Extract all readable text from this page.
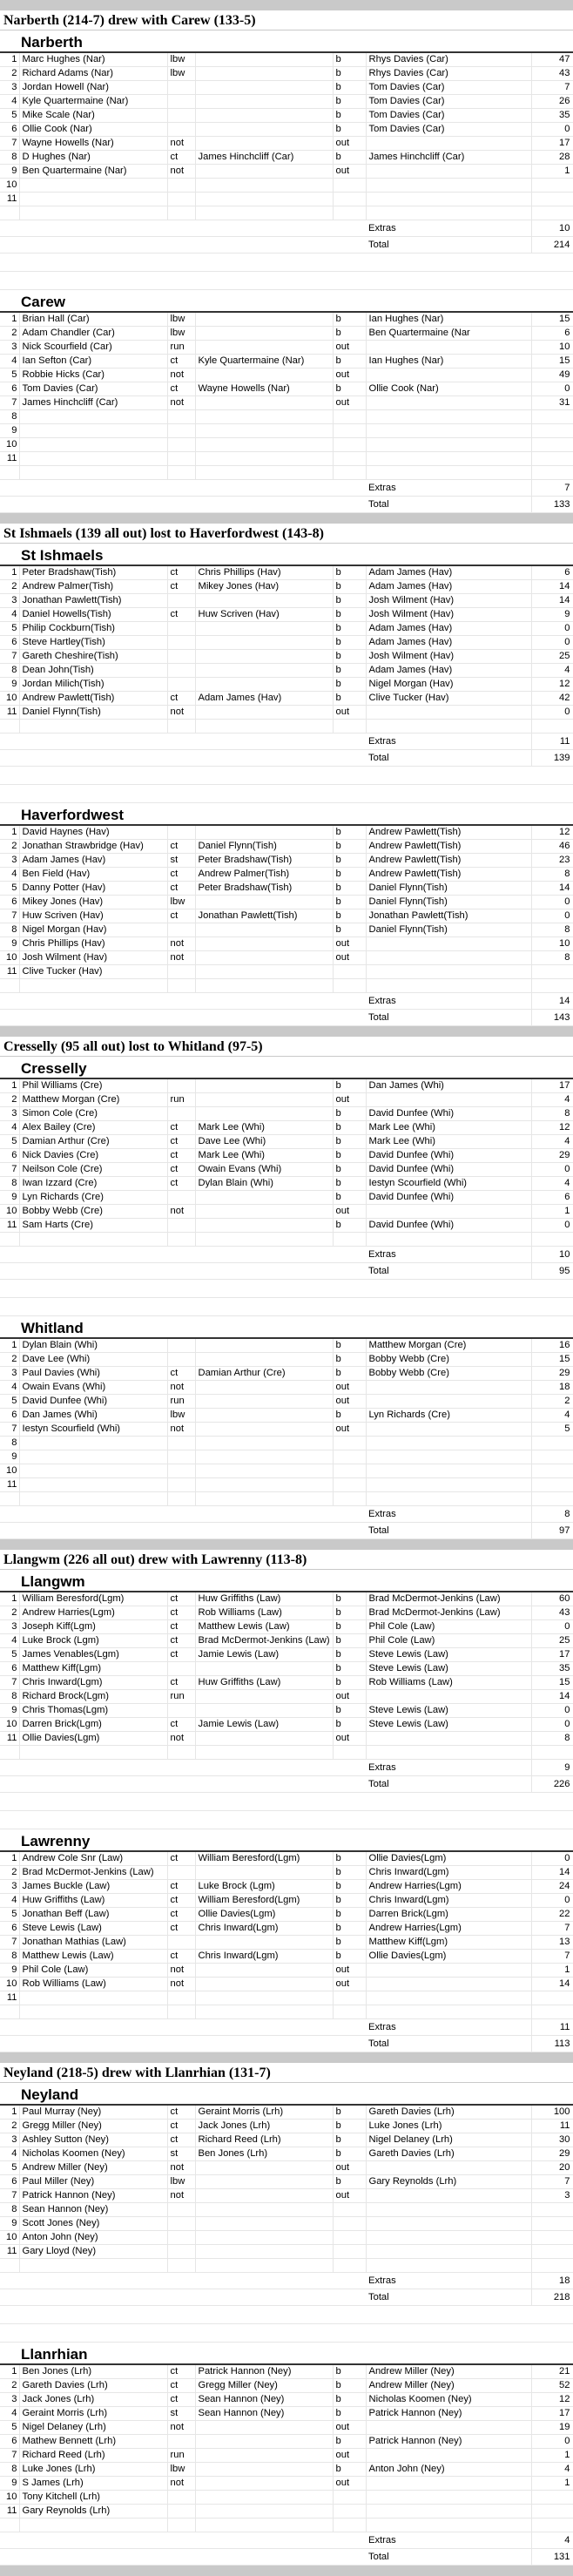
Narberth (214-7) drew with Carew (133-5)
Narberth
1	Marc Hughes (Nar)	lbw		b	Rhys Davies (Car)	47
2	Richard Adams (Nar)	lbw		b	Rhys Davies (Car)	43
3	Jordan Howell (Nar)			b	Tom Davies (Car)	7
4	Kyle Quartermaine (Nar)			b	Tom Davies (Car)	26
5	Mike Scale (Nar)			b	Tom Davies (Car)	35
6	Ollie Cook (Nar)			b	Tom Davies (Car)	0
7	Wayne Howells (Nar)	not		out		17
8	D Hughes (Nar)	ct	James Hinchcliff (Car)	b	James Hinchcliff (Car)	28
9	Ben Quartermaine (Nar)	not		out		1
10						
11						

					Extras	10
					Total	214
Carew
1	Brian Hall (Car)	lbw		b	Ian Hughes (Nar)	15
2	Adam Chandler (Car)	lbw		b	Ben Quartermaine (Nar	6
3	Nick Scourfield (Car)	run		out		10
4	Ian Sefton (Car)	ct	Kyle Quartermaine (Nar)	b	Ian Hughes (Nar)	15
5	Robbie Hicks (Car)	not		out		49
6	Tom Davies (Car)	ct	Wayne Howells (Nar)	b	Ollie Cook (Nar)	0
7	James Hinchcliff (Car)	not		out		31
8						
9						
10						
11						

					Extras	7
					Total	133
St Ishmaels (139 all out) lost to Haverfordwest (143-8)
St Ishmaels
1	Peter Bradshaw(Tish)	ct	Chris Phillips (Hav)	b	Adam James (Hav)	6
2	Andrew Palmer(Tish)	ct	Mikey Jones (Hav)	b	Adam James (Hav)	14
3	Jonathan Pawlett(Tish)			b	Josh Wilment (Hav)	14
4	Daniel Howells(Tish)	ct	Huw Scriven (Hav)	b	Josh Wilment (Hav)	9
5	Philip Cockburn(Tish)			b	Adam James (Hav)	0
6	Steve Hartley(Tish)			b	Adam James (Hav)	0
7	Gareth Cheshire(Tish)			b	Josh Wilment (Hav)	25
8	Dean John(Tish)			b	Adam James (Hav)	4
9	Jordan Milich(Tish)			b	Nigel Morgan (Hav)	12
10	Andrew Pawlett(Tish)	ct	Adam James (Hav)	b	Clive Tucker (Hav)	42
11	Daniel Flynn(Tish)	not		out		0

					Extras	11
					Total	139
Haverfordwest
1	David Haynes (Hav)			b	Andrew Pawlett(Tish)	12
2	Jonathan Strawbridge (Hav)	ct	Daniel Flynn(Tish)	b	Andrew Pawlett(Tish)	46
3	Adam James (Hav)	st	Peter Bradshaw(Tish)	b	Andrew Pawlett(Tish)	23
4	Ben Field (Hav)	ct	Andrew Palmer(Tish)	b	Andrew Pawlett(Tish)	8
5	Danny Potter (Hav)	ct	Peter Bradshaw(Tish)	b	Daniel Flynn(Tish)	14
6	Mikey Jones (Hav)	lbw		b	Daniel Flynn(Tish)	0
7	Huw Scriven (Hav)	ct	Jonathan Pawlett(Tish)	b	Jonathan Pawlett(Tish)	0
8	Nigel Morgan (Hav)			b	Daniel Flynn(Tish)	8
9	Chris Phillips (Hav)	not		out		10
10	Josh Wilment (Hav)	not		out		8
11	Clive Tucker (Hav)					

					Extras	14
					Total	143
Cresselly (95 all out) lost to Whitland (97-5)
Cresselly
1	Phil Williams (Cre)			b	Dan James (Whi)	17
2	Matthew Morgan (Cre)	run		out		4
3	Simon Cole (Cre)			b	David Dunfee (Whi)	8
4	Alex Bailey (Cre)	ct	Mark Lee (Whi)	b	Mark Lee (Whi)	12
5	Damian Arthur (Cre)	ct	Dave Lee (Whi)	b	Mark Lee (Whi)	4
6	Nick Davies (Cre)	ct	Mark Lee (Whi)	b	David Dunfee (Whi)	29
7	Neilson Cole (Cre)	ct	Owain Evans (Whi)	b	David Dunfee (Whi)	0
8	Iwan Izzard (Cre)	ct	Dylan Blain (Whi)	b	Iestyn Scourfield (Whi)	4
9	Lyn Richards (Cre)			b	David Dunfee (Whi)	6
10	Bobby Webb (Cre)	not		out		1
11	Sam Harts (Cre)			b	David Dunfee (Whi)	0

					Extras	10
					Total	95
Whitland
1	Dylan Blain (Whi)			b	Matthew Morgan (Cre)	16
2	Dave Lee (Whi)			b	Bobby Webb (Cre)	15
3	Paul Davies (Whi)	ct	Damian Arthur (Cre)	b	Bobby Webb (Cre)	29
4	Owain Evans (Whi)	not		out		18
5	David Dunfee (Whi)	run		out		2
6	Dan James (Whi)	lbw		b	Lyn Richards (Cre)	4
7	Iestyn Scourfield (Whi)	not		out		5
8						
9						
10						
11						

					Extras	8
					Total	97
Llangwm (226 all out) drew with Lawrenny (113-8)
Llangwm
1	William Beresford(Lgm)	ct	Huw Griffiths (Law)	b	Brad McDermot-Jenkins (Law)	60
2	Andrew Harries(Lgm)	ct	Rob Williams (Law)	b	Brad McDermot-Jenkins (Law)	43
3	Joseph Kiff(Lgm)	ct	Matthew Lewis (Law)	b	Phil Cole (Law)	0
4	Luke Brock (Lgm)	ct	Brad McDermot-Jenkins (Law)	b	Phil Cole (Law)	25
5	James Venables(Lgm)	ct	Jamie Lewis (Law)	b	Steve Lewis (Law)	17
6	Matthew Kiff(Lgm)			b	Steve Lewis (Law)	35
7	Chris Inward(Lgm)	ct	Huw Griffiths (Law)	b	Rob Williams (Law)	15
8	Richard Brock(Lgm)	run		out		14
9	Chris Thomas(Lgm)			b	Steve Lewis (Law)	0
10	Darren Brick(Lgm)	ct	Jamie Lewis (Law)	b	Steve Lewis (Law)	0
11	Ollie Davies(Lgm)	not		out		8

					Extras	9
					Total	226
Lawrenny
1	Andrew Cole Snr (Law)	ct	William Beresford(Lgm)	b	Ollie Davies(Lgm)	0
2	Brad McDermot-Jenkins (Law)			b	Chris Inward(Lgm)	14
3	James Buckle (Law)	ct	Luke Brock (Lgm)	b	Andrew Harries(Lgm)	24
4	Huw Griffiths (Law)	ct	William Beresford(Lgm)	b	Chris Inward(Lgm)	0
5	Jonathan Beff (Law)	ct	Ollie Davies(Lgm)	b	Darren Brick(Lgm)	22
6	Steve Lewis (Law)	ct	Chris Inward(Lgm)	b	Andrew Harries(Lgm)	7
7	Jonathan Mathias (Law)			b	Matthew Kiff(Lgm)	13
8	Matthew Lewis (Law)	ct	Chris Inward(Lgm)	b	Ollie Davies(Lgm)	7
9	Phil Cole (Law)	not		out		1
10	Rob Williams (Law)	not		out		14
11						

					Extras	11
					Total	113
Neyland (218-5) drew with Llanrhian (131-7)
Neyland
1	Paul Murray (Ney)	ct	Geraint Morris (Lrh)	b	Gareth Davies (Lrh)	100
2	Gregg Miller (Ney)	ct	Jack Jones (Lrh)	b	Luke Jones (Lrh)	11
3	Ashley Sutton (Ney)	ct	Richard Reed (Lrh)	b	Nigel Delaney (Lrh)	30
4	Nicholas Koomen (Ney)	st	Ben Jones (Lrh)	b	Gareth Davies (Lrh)	29
5	Andrew Miller (Ney)	not		out		20
6	Paul Miller (Ney)	lbw		b	Gary Reynolds (Lrh)	7
7	Patrick Hannon (Ney)	not		out		3
8	Sean Hannon (Ney)					
9	Scott Jones (Ney)					
10	Anton John (Ney)					
11	Gary Lloyd (Ney)					

					Extras	18
					Total	218
Llanrhian
1	Ben Jones (Lrh)	ct	Patrick Hannon (Ney)	b	Andrew Miller (Ney)	21
2	Gareth Davies (Lrh)	ct	Gregg Miller (Ney)	b	Andrew Miller (Ney)	52
3	Jack Jones (Lrh)	ct	Sean Hannon (Ney)	b	Nicholas Koomen (Ney)	12
4	Geraint Morris (Lrh)	st	Sean Hannon (Ney)	b	Patrick Hannon (Ney)	17
5	Nigel Delaney (Lrh)	not		out		19
6	Mathew Bennett (Lrh)			b	Patrick Hannon (Ney)	0
7	Richard Reed (Lrh)	run		out		1
8	Luke Jones (Lrh)	lbw		b	Anton John (Ney)	4
9	S James (Lrh)	not		out		1
10	Tony Kitchell (Lrh)					
11	Gary Reynolds (Lrh)					

					Extras	4
					Total	131
